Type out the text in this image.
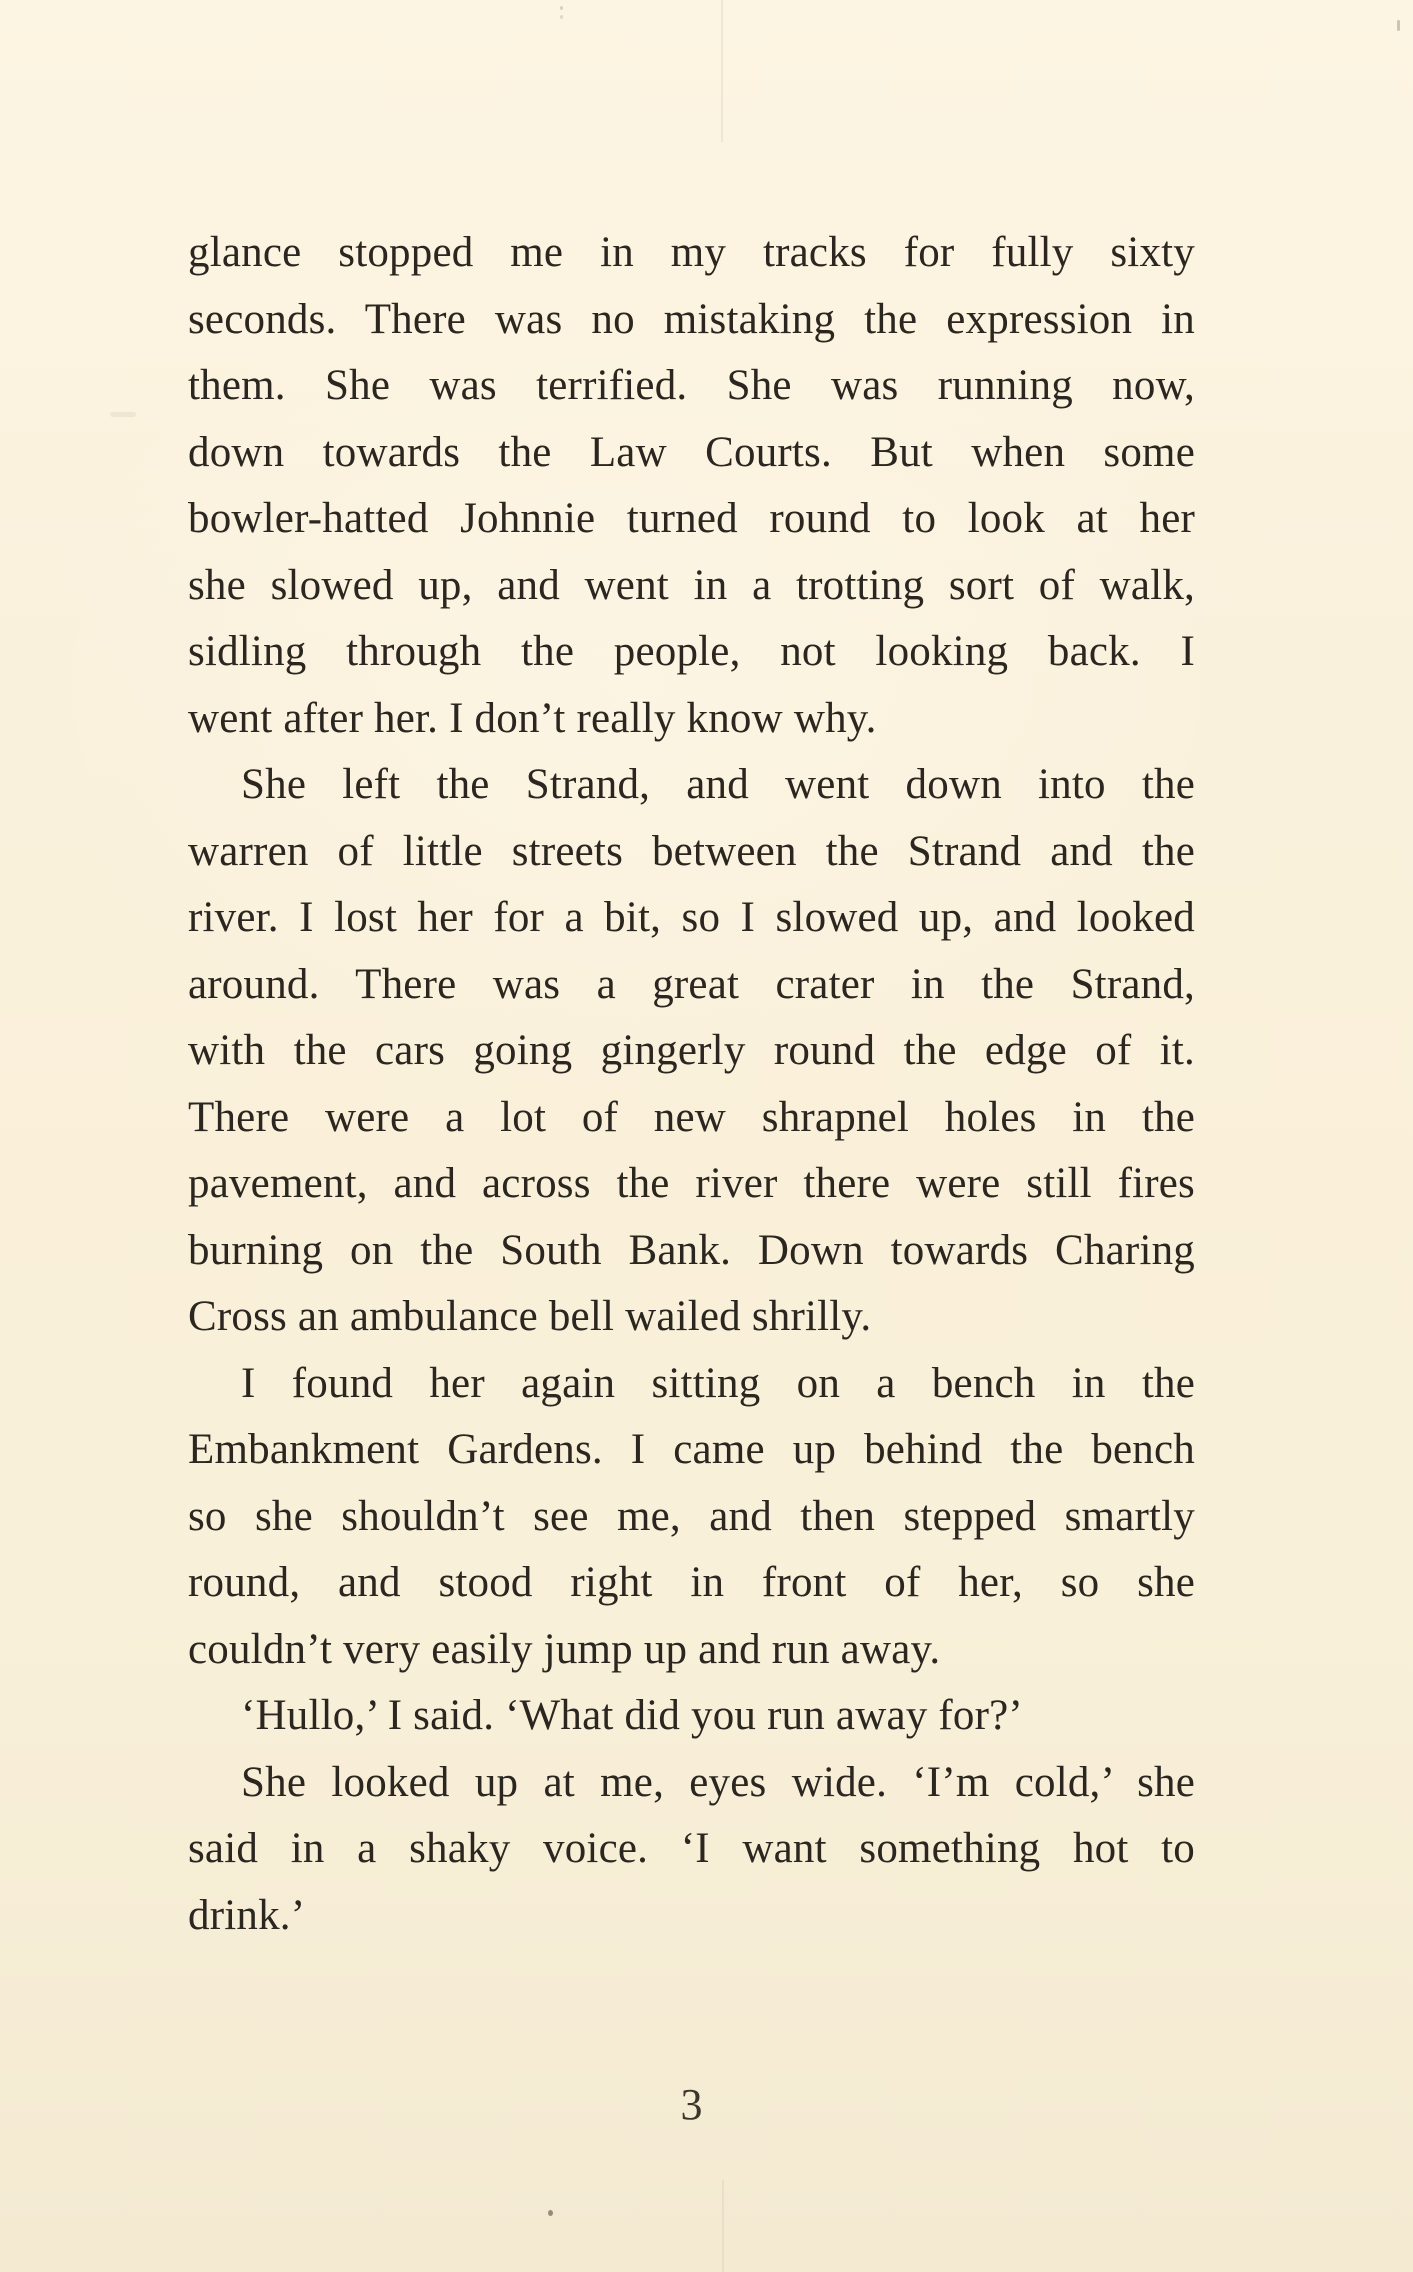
glance stopped me in my tracks for fully sixty
seconds. There was no mistaking the expression in
them. She was terrified. She was running now,
down towards the Law Courts. But when some
bowler-hatted Johnnie turned round to look at her
she slowed up, and went in a trotting sort of walk,
sidling through the people, not looking back. I
went after her. I don’t really know why.
She left the Strand, and went down into the
warren of little streets between the Strand and the
river. I lost her for a bit, so I slowed up, and looked
around. There was a great crater in the Strand,
with the cars going gingerly round the edge of it.
There were a lot of new shrapnel holes in the
pavement, and across the river there were still fires
burning on the South Bank. Down towards Charing
Cross an ambulance bell wailed shrilly.
I found her again sitting on a bench in the
Embankment Gardens. I came up behind the bench
so she shouldn’t see me, and then stepped smartly
round, and stood right in front of her, so she
couldn’t very easily jump up and run away.
‘Hullo,’ I said. ‘What did you run away for?’
She looked up at me, eyes wide. ‘I’m cold,’ she
said in a shaky voice. ‘I want something hot to
drink.’
3
